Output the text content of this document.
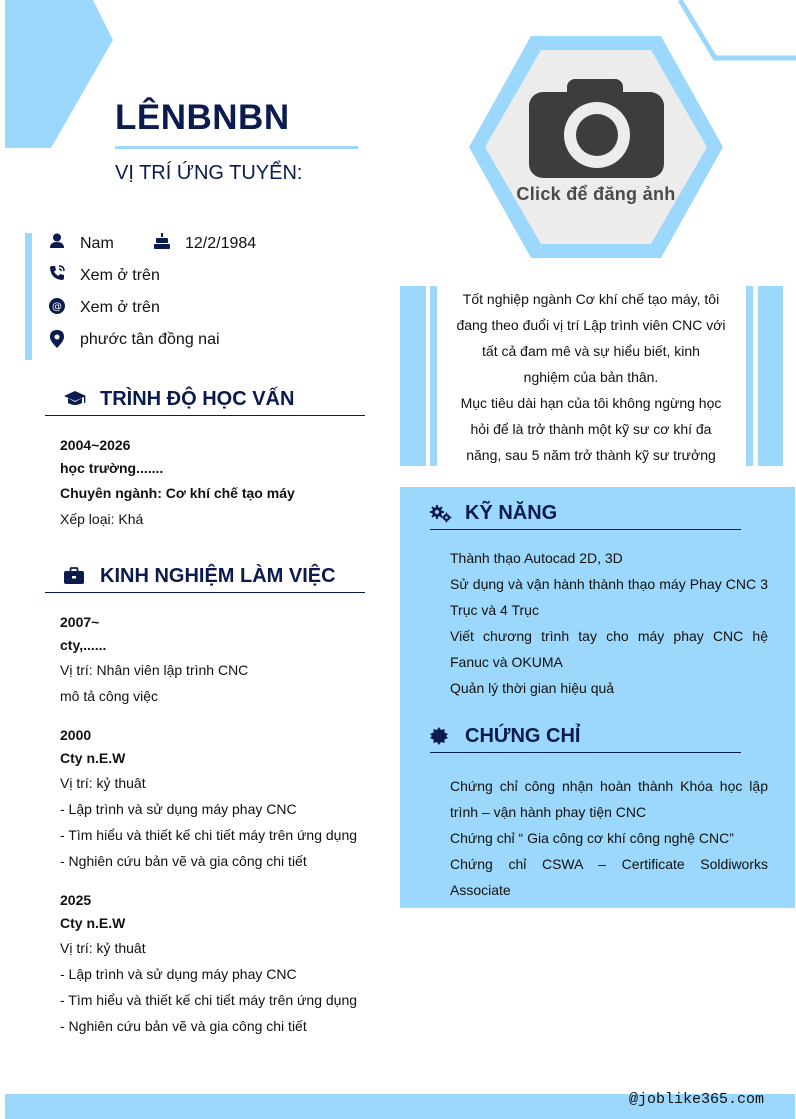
LÊNBNBN
VỊ TRÍ ỨNG TUYỂN:
Click để đăng ảnh
Nam	12/2/1984
Xem ở trên
@ Xem ở trên
phước tân đồng nai
TRÌNH ĐỘ HỌC VẤN
2004~2026
học trường.......
Chuyên ngành: Cơ khí chế tạo máy
Xếp loại: Khá
KINH NGHIỆM LÀM VIỆC
2007~
cty,......
Vị trí: Nhân viên lập trình CNC
mô tả công việc
2000
Cty n.E.W
Vị trí: kỷ thuât
- Lập trình và sử dụng máy phay CNC
- Tìm hiểu và thiết kế chi tiết máy trên ứng dụng
- Nghiên cứu bản vẽ và gia công chi tiết
2025
Cty n.E.W
Vị trí: kỷ thuât
- Lập trình và sử dụng máy phay CNC
- Tìm hiểu và thiết kế chi tiết máy trên ứng dụng
- Nghiên cứu bản vẽ và gia công chi tiết
Tốt nghiệp ngành Cơ khí chế tạo máy, tôi
đang theo đuổi vị trí Lập trình viên CNC với
tất cả đam mê và sự hiểu biết, kinh
nghiệm của bản thân.
Mục tiêu dài hạn của tôi không ngừng học
hỏi để là trở thành một kỹ sư cơ khí đa
năng, sau 5 năm trở thành kỹ sư trưởng
KỸ NĂNG
Thành thạo Autocad 2D, 3D
Sử dụng và vận hành thành thạo máy Phay CNC 3 Trục và 4 Trục
Viết chương trình tay cho máy phay CNC hệ Fanuc và OKUMA
Quản lý thời gian hiệu quả
CHỨNG CHỈ
Chứng chỉ công nhận hoàn thành Khóa học lập trình – vận hành phay tiện CNC
Chứng chỉ “ Gia công cơ khí công nghệ CNC”
Chứng chỉ CSWA – Certificate Soldiworks Associate
@joblike365.com
